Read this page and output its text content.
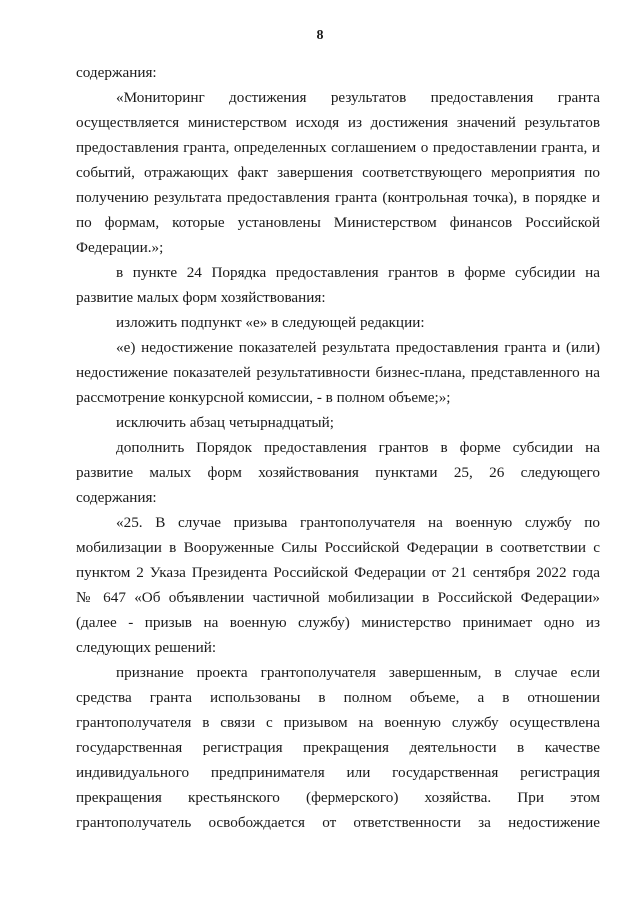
8
содержания:
«Мониторинг достижения результатов предоставления гранта
осуществляется министерством исходя из достижения значений результатов
предоставления гранта, определенных соглашением о предоставлении гранта, и
событий, отражающих факт завершения соответствующего мероприятия по
получению результата предоставления гранта (контрольная точка), в порядке и
по формам, которые установлены Министерством финансов Российской
Федерации.»;
в пункте 24 Порядка предоставления грантов в форме субсидии на
развитие малых форм хозяйствования:
изложить подпункт «е» в следующей редакции:
«е) недостижение показателей результата предоставления гранта и (или)
недостижение показателей результативности бизнес-плана, представленного на
рассмотрение конкурсной комиссии, - в полном объеме;»;
исключить абзац четырнадцатый;
дополнить Порядок предоставления грантов в форме субсидии на
развитие малых форм хозяйствования пунктами 25, 26 следующего
содержания:
«25. В случае призыва грантополучателя на военную службу по
мобилизации в Вооруженные Силы Российской Федерации в соответствии с
пунктом 2 Указа Президента Российской Федерации от 21 сентября 2022 года
№ 647 «Об объявлении частичной мобилизации в Российской Федерации»
(далее - призыв на военную службу) министерство принимает одно из
следующих решений:
признание проекта грантополучателя завершенным, в случае если
средства гранта использованы в полном объеме, а в отношении
грантополучателя в связи с призывом на военную службу осуществлена
государственная регистрация прекращения деятельности в качестве
индивидуального предпринимателя или государственная регистрация
прекращения крестьянского (фермерского) хозяйства. При этом
грантополучатель освобождается от ответственности за недостижение
